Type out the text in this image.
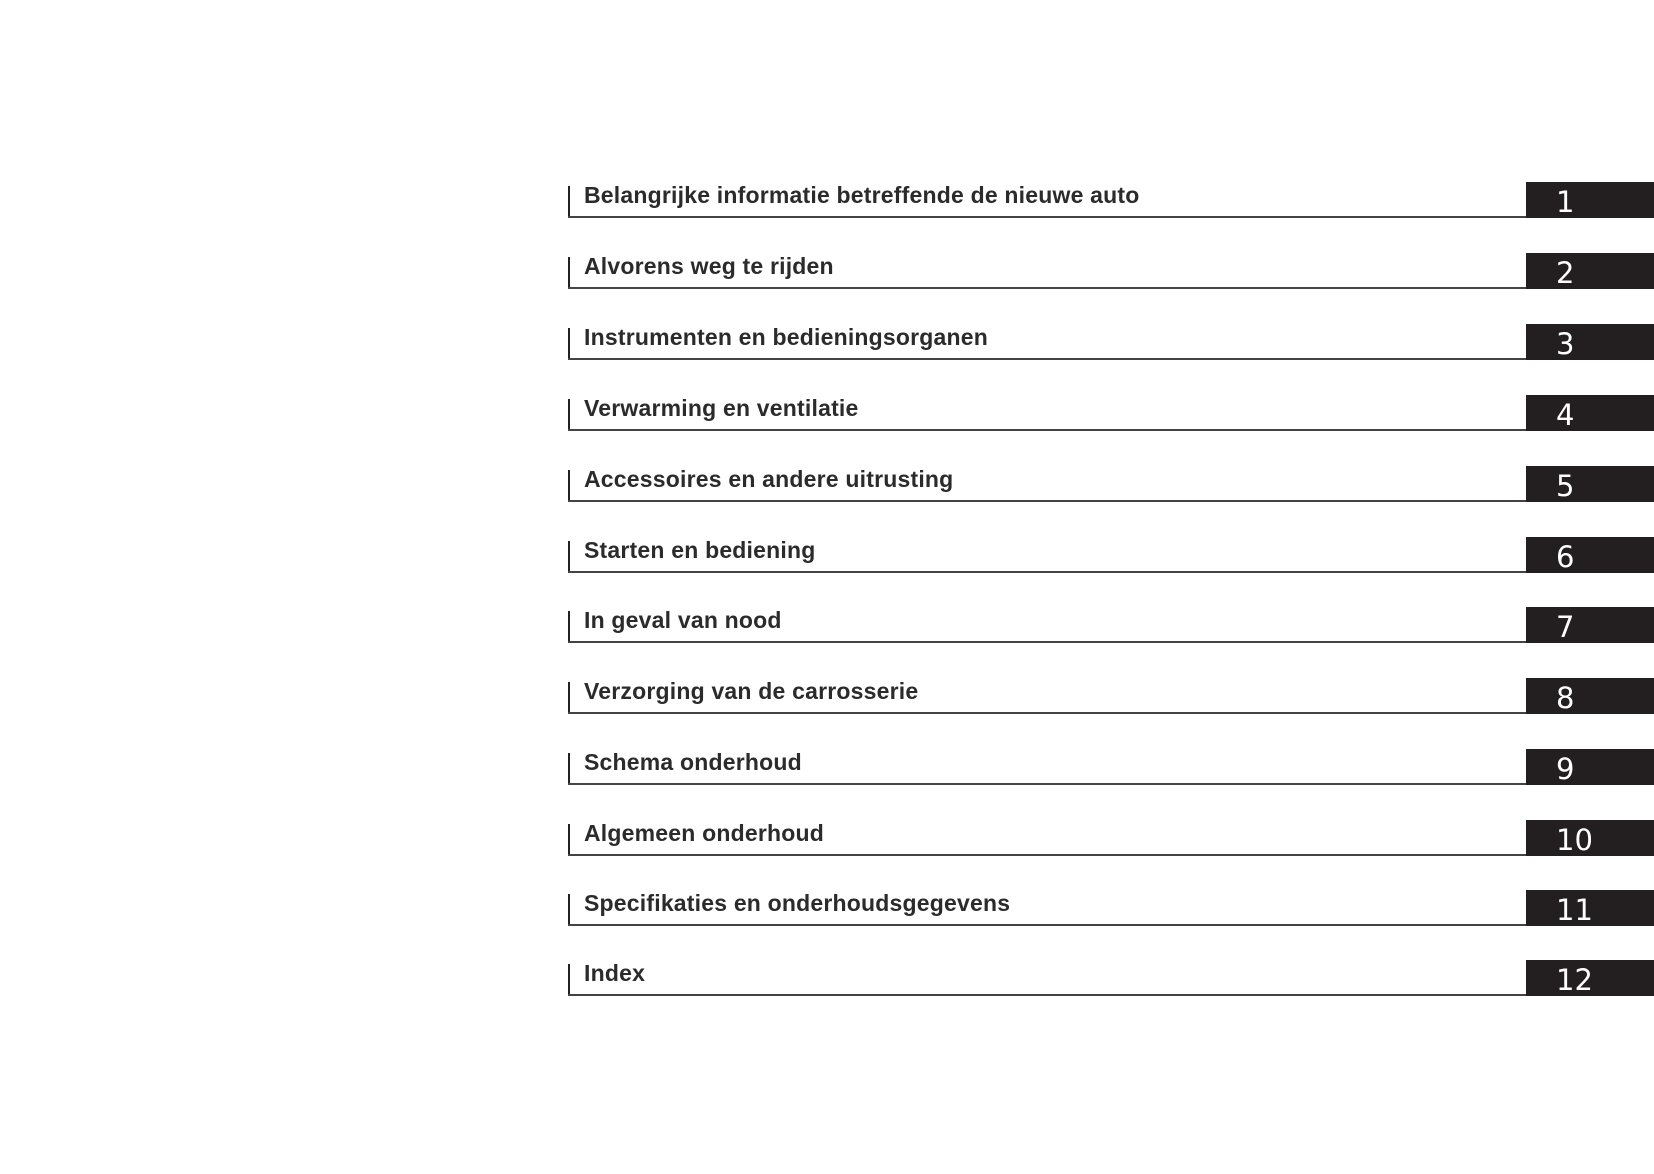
Belangrijke informatie betreffende de nieuwe auto	1
Alvorens weg te rijden	2
Instrumenten en bedieningsorganen	3
Verwarming en ventilatie	4
Accessoires en andere uitrusting	5
Starten en bediening	6
In geval van nood	7
Verzorging van de carrosserie	8
Schema onderhoud	9
Algemeen onderhoud	10
Specifikaties en onderhoudsgegevens	11
Index	12
